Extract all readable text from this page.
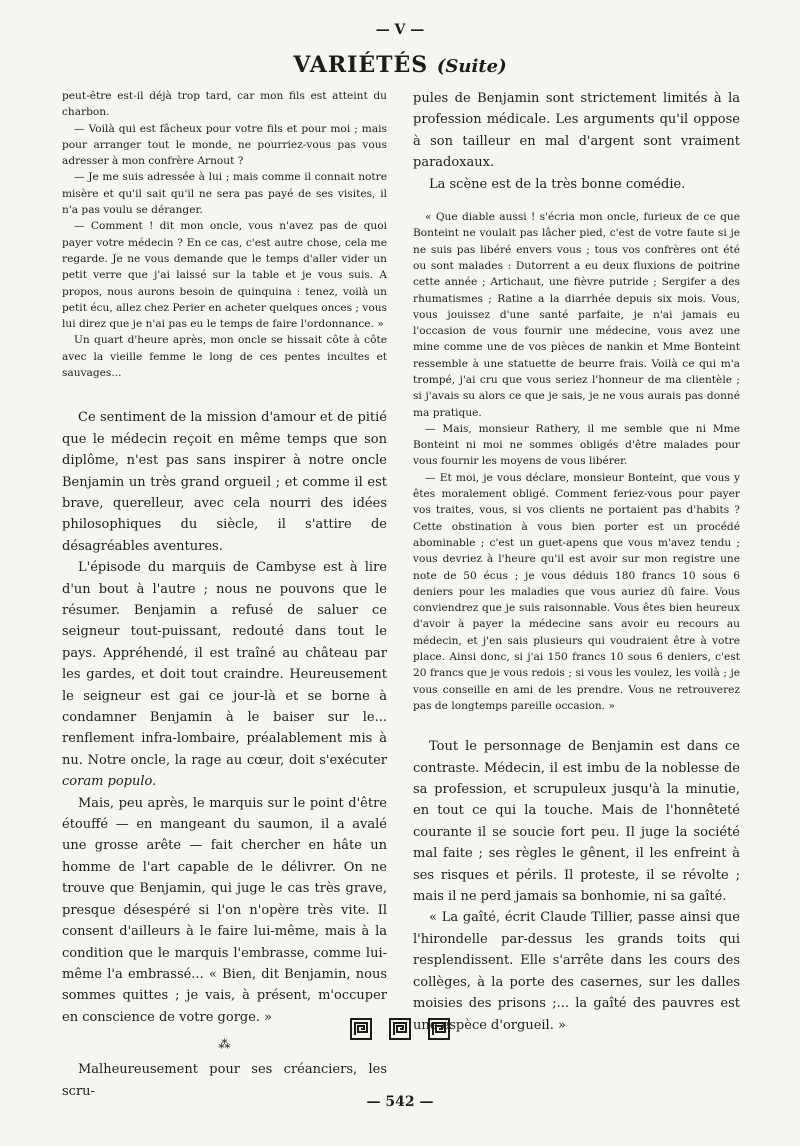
— V —
VARIÉTÉS (Suite)

peut-être est-il déjà trop tard, car mon fils est atteint du charbon.

— Voilà qui est fâcheux pour votre fils et pour moi ; mais pour arranger tout le monde, ne pourriez-vous pas vous adresser à mon confrère Arnout ?

— Je me suis adressée à lui ; mais comme il connait notre misère et qu'il sait qu'il ne sera pas payé de ses visites, il n'a pas voulu se déranger.

— Comment ! dit mon oncle, vous n'avez pas de quoi payer votre médecin ? En ce cas, c'est autre chose, cela me regarde. Je ne vous demande que le temps d'aller vider un petit verre que j'ai laissé sur la table et je vous suis. A propos, nous aurons besoin de quinquina : tenez, voilà un petit écu, allez chez Perier en acheter quelques onces ; vous lui direz que je n'ai pas eu le temps de faire l'ordonnance. »

Un quart d'heure après, mon oncle se hissait côte à côte avec la vieille femme le long de ces pentes incultes et sauvages...

Ce sentiment de la mission d'amour et de pitié que le médecin reçoit en même temps que son diplôme, n'est pas sans inspirer à notre oncle Benjamin un très grand orgueil ; et comme il est brave, querelleur, avec cela nourri des idées philosophiques du siècle, il s'attire de désagréables aventures.

L'épisode du marquis de Cambyse est à lire d'un bout à l'autre ; nous ne pouvons que le résumer. Benjamin a refusé de saluer ce seigneur tout-puissant, redouté dans tout le pays. Appréhendé, il est traîné au château par les gardes, et doit tout craindre. Heureusement le seigneur est gai ce jour-là et se borne à condamner Benjamin à le baiser sur le... renflement infra-lombaire, préalablement mis à nu. Notre oncle, la rage au cœur, doit s'exécuter coram populo.

Mais, peu après, le marquis sur le point d'être étouffé — en mangeant du saumon, il a avalé une grosse arête — fait chercher en hâte un homme de l'art capable de le délivrer. On ne trouve que Benjamin, qui juge le cas très grave, presque désespéré si l'on n'opère très vite. Il consent d'ailleurs à le faire lui-même, mais à la condition que le marquis l'embrasse, comme lui-même l'a embrassé... « Bien, dit Benjamin, nous sommes quittes ; je vais, à présent, m'occuper en conscience de votre gorge. »

⁂

Malheureusement pour ses créanciers, les scru-

pules de Benjamin sont strictement limités à la profession médicale. Les arguments qu'il oppose à son tailleur en mal d'argent sont vraiment paradoxaux.

La scène est de la très bonne comédie.

« Que diable aussi ! s'écria mon oncle, furieux de ce que Bonteint ne voulait pas lâcher pied, c'est de votre faute si je ne suis pas libéré envers vous ; tous vos confrères ont été ou sont malades : Dutorrent a eu deux fluxions de poitrine cette année ; Artichaut, une fièvre putride ; Sergifer a des rhumatismes ; Ratine a la diarrhée depuis six mois. Vous, vous jouissez d'une santé parfaite, je n'ai jamais eu l'occasion de vous fournir une médecine, vous avez une mine comme une de vos pièces de nankin et Mme Bonteint ressemble à une statuette de beurre frais. Voilà ce qui m'a trompé, j'ai cru que vous seriez l'honneur de ma clientèle ; si j'avais su alors ce que je sais, je ne vous aurais pas donné ma pratique.

— Mais, monsieur Rathery, il me semble que ni Mme Bonteint ni moi ne sommes obligés d'être malades pour vous fournir les moyens de vous libérer.

— Et moi, je vous déclare, monsieur Bonteint, que vous y êtes moralement obligé. Comment feriez-vous pour payer vos traites, vous, si vos clients ne portaient pas d'habits ? Cette obstination à vous bien porter est un procédé abominable ; c'est un guet-apens que vous m'avez tendu ; vous devriez à l'heure qu'il est avoir sur mon registre une note de 50 écus ; je vous déduis 180 francs 10 sous 6 deniers pour les maladies que vous auriez dû faire. Vous conviendrez que je suis raisonnable. Vous êtes bien heureux d'avoir à payer la médecine sans avoir eu recours au médecin, et j'en sais plusieurs qui voudraient être à votre place. Ainsi donc, si j'ai 150 francs 10 sous 6 deniers, c'est 20 francs que je vous redois ; si vous les voulez, les voilà ; je vous conseille en ami de les prendre. Vous ne retrouverez pas de longtemps pareille occasion. »

Tout le personnage de Benjamin est dans ce contraste. Médecin, il est imbu de la noblesse de sa profession, et scrupuleux jusqu'à la minutie, en tout ce qui la touche. Mais de l'honnêteté courante il se soucie fort peu. Il juge la société mal faite ; ses règles le gênent, il les enfreint à ses risques et périls. Il proteste, il se révolte ; mais il ne perd jamais sa bonhomie, ni sa gaîté.

« La gaîté, écrit Claude Tillier, passe ainsi que l'hirondelle par-dessus les grands toits qui resplendissent. Elle s'arrête dans les cours des collèges, à la porte des casernes, sur les dalles moisies des prisons ;... la gaîté des pauvres est une espèce d'orgueil. »

— 542 —
